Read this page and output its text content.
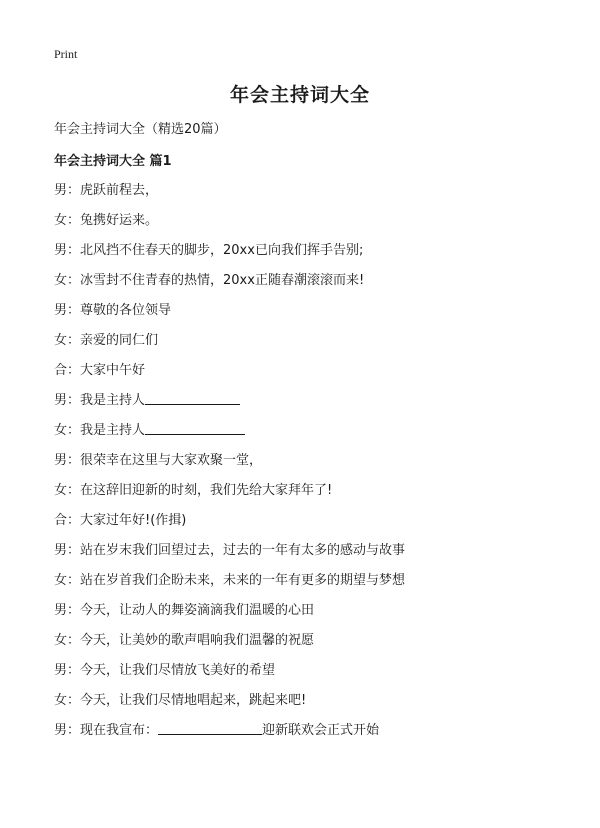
Print
年会主持词大全
年会主持词大全（精选20篇）
年会主持词大全 篇1
男：虎跃前程去，
女：兔携好运来。
男：北风挡不住春天的脚步，20xx已向我们挥手告别;
女：冰雪封不住青春的热情，20xx正随春潮滚滚而来!
男：尊敬的各位领导
女：亲爱的同仁们
合：大家中午好
男：我是主持人
女：我是主持人
男：很荣幸在这里与大家欢聚一堂，
女：在这辞旧迎新的时刻，我们先给大家拜年了!
合：大家过年好!(作揖)
男：站在岁末我们回望过去，过去的一年有太多的感动与故事
女：站在岁首我们企盼未来，未来的一年有更多的期望与梦想
男：今天，让动人的舞姿滴滴我们温暖的心田
女：今天，让美妙的歌声唱响我们温馨的祝愿
男：今天，让我们尽情放飞美好的希望
女：今天，让我们尽情地唱起来，跳起来吧!
男：现在我宣布：	迎新联欢会正式开始
